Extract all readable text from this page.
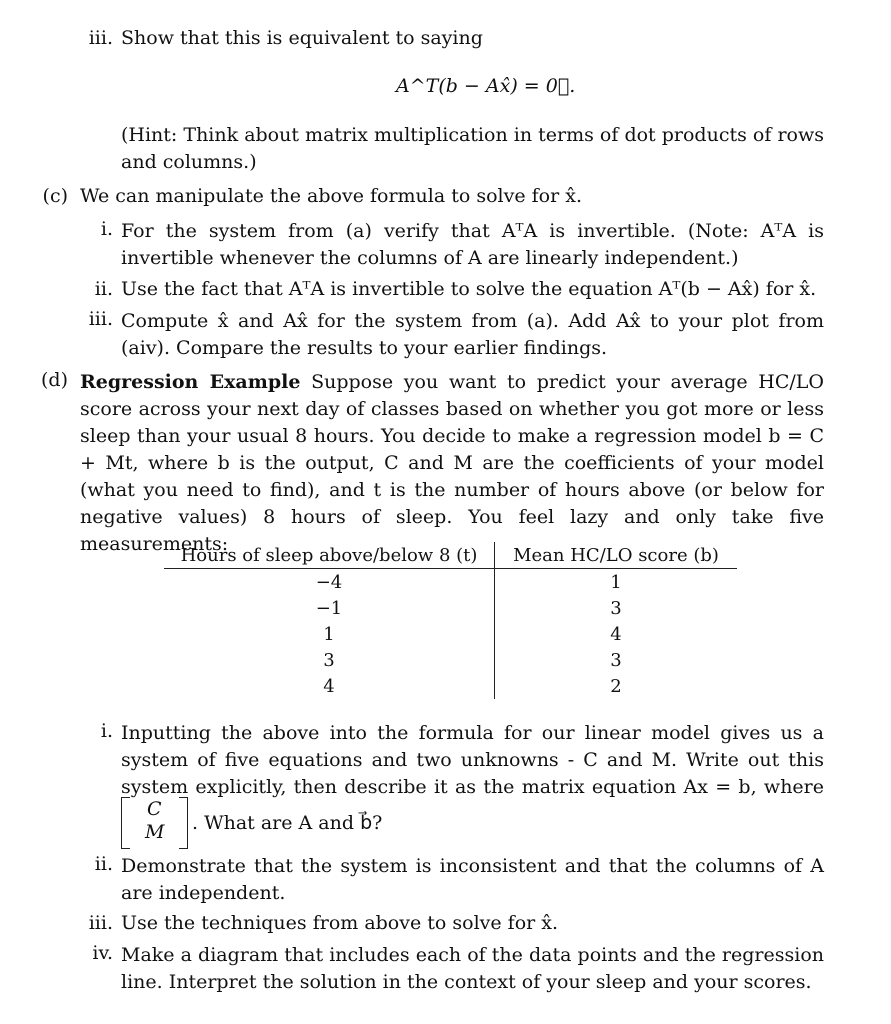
iii. Show that this is equivalent to saying
A^T(b − Ax̂) = 0⃗.
(Hint: Think about matrix multiplication in terms of dot products of rows and columns.)
(c) We can manipulate the above formula to solve for x̂.
i. For the system from (a) verify that AᵀA is invertible. (Note: AᵀA is invertible whenever the columns of A are linearly independent.)
ii. Use the fact that AᵀA is invertible to solve the equation Aᵀ(b − Ax̂) for x̂.
iii. Compute x̂ and Ax̂ for the system from (a). Add Ax̂ to your plot from (aiv). Compare the results to your earlier findings.
(d) Regression Example Suppose you want to predict your average HC/LO score across your next day of classes based on whether you got more or less sleep than your usual 8 hours. You decide to make a regression model b = C + Mt, where b is the output, C and M are the coefficients of your model (what you need to find), and t is the number of hours above (or below for negative values) 8 hours of sleep. You feel lazy and only take five measurements:
Hours of sleep above/below 8 (t)	Mean HC/LO score (b)
−4	1
−1	3
1	4
3	3
4	2
i. Inputting the above into the formula for our linear model gives us a system of five equations and two unknowns - C and M. Write out this system explicitly, then describe it as the matrix equation Ax = b, where
C
M . What are A and b⃗?
ii. Demonstrate that the system is inconsistent and that the columns of A are independent.
iii. Use the techniques from above to solve for x̂.
iv. Make a diagram that includes each of the data points and the regression line. Interpret the solution in the context of your sleep and your scores.
